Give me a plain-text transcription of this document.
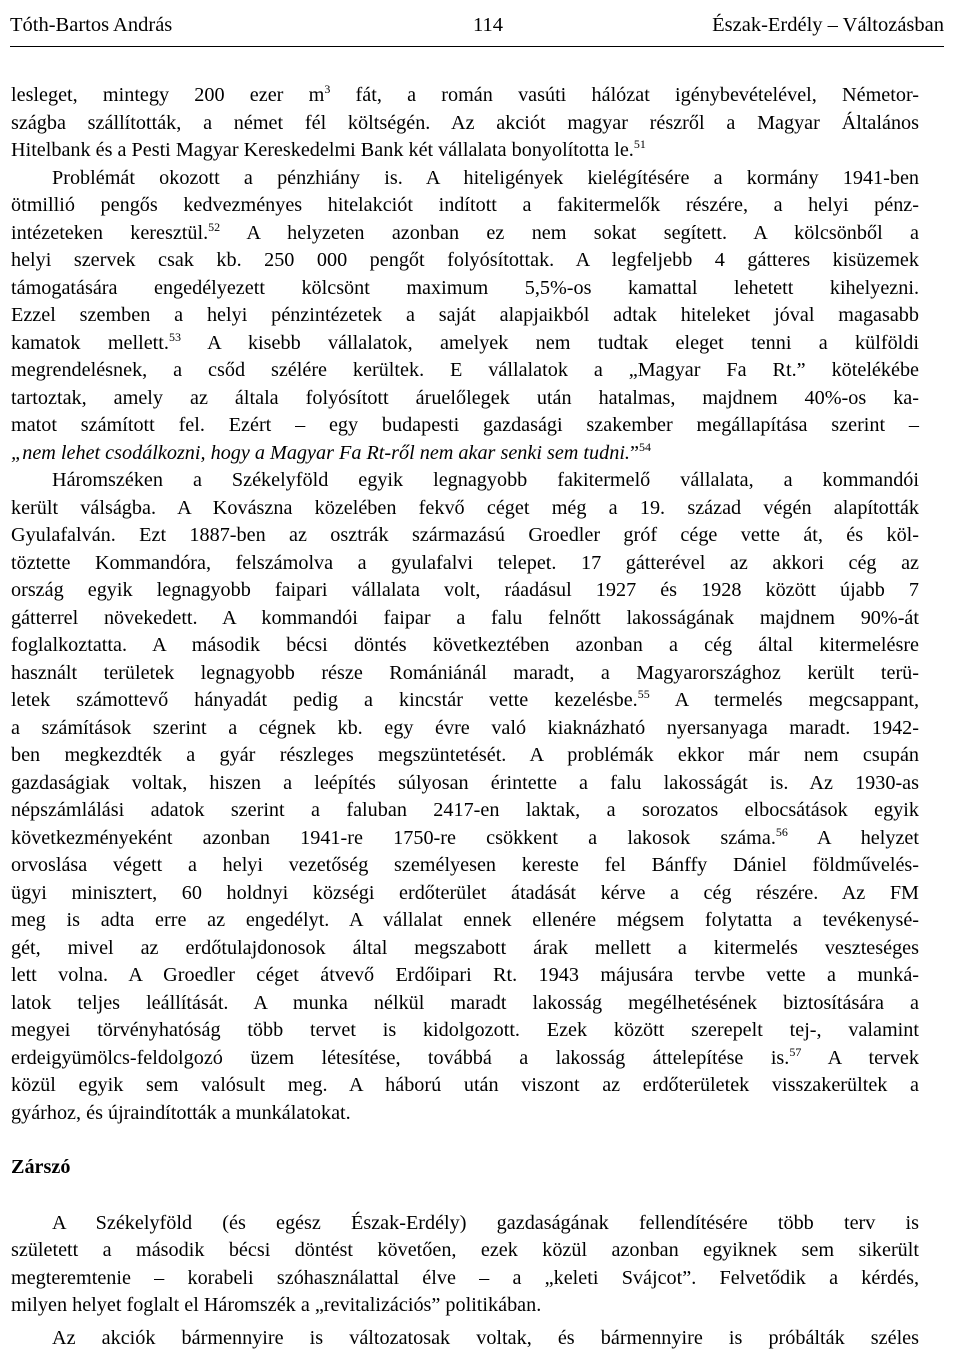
Tóth-Bartos András	114	Észak-Erdély – Változásban
lesleget, mintegy 200 ezer $m^3$ fát, a román vasúti hálózat igénybevételével, Németor-
szágba szállították, a német fél költségén. Az akciót magyar részről a Magyar Általános
Hitelbank és a Pesti Magyar Kereskedelmi Bank két vállalata bonyolította le.$^{51}$
Problémát okozott a pénzhiány is. A hiteligények kielégítésére a kormány 1941-ben
ötmillió pengős kedvezményes hitelakciót indított a fakitermelők részére, a helyi pénz-
intézeteken keresztül.$^{52}$ A helyzeten azonban ez nem sokat segített. A kölcsönből a
helyi szervek csak kb. 250 000 pengőt folyósítottak. A legfeljebb 4 gátteres kisüzemek
támogatására engedélyezett kölcsönt maximum 5,5%-os kamattal lehetett kihelyezni.
Ezzel szemben a helyi pénzintézetek a saját alapjaikból adtak hiteleket jóval magasabb
kamatok mellett.$^{53}$ A kisebb vállalatok, amelyek nem tudtak eleget tenni a külföldi
megrendelésnek, a csőd szélére kerültek. E vállalatok a „Magyar Fa Rt.” kötelékébe
tartoztak, amely az általa folyósított áruelőlegek után hatalmas, majdnem 40%-os ka-
matot számított fel. Ezért – egy budapesti gazdasági szakember megállapítása szerint –
„nem lehet csodálkozni, hogy a Magyar Fa Rt-ről nem akar senki sem tudni.”$^{54}$
Háromszéken a Székelyföld egyik legnagyobb fakitermelő vállalata, a kommandói
került válságba. A Kovászna közelében fekvő céget még a 19. század végén alapították
Gyulafalván. Ezt 1887-ben az osztrák származású Groedler gróf cége vette át, és köl-
töztette Kommandóra, felszámolva a gyulafalvi telepet. 17 gátterével az akkori cég az
ország egyik legnagyobb faipari vállalata volt, ráadásul 1927 és 1928 között újabb 7
gátterrel növekedett. A kommandói faipar a falu felnőtt lakosságának majdnem 90%-át
foglalkoztatta. A második bécsi döntés következtében azonban a cég által kitermelésre
használt területek legnagyobb része Romániánál maradt, a Magyarországhoz került terü-
letek számottevő hányadát pedig a kincstár vette kezelésbe.$^{55}$ A termelés megcsappant,
a számítások szerint a cégnek kb. egy évre való kiaknázható nyersanyaga maradt. 1942-
ben megkezdték a gyár részleges megszüntetését. A problémák ekkor már nem csupán
gazdaságiak voltak, hiszen a leépítés súlyosan érintette a falu lakosságát is. Az 1930-as
népszámlálási adatok szerint a faluban 2417-en laktak, a sorozatos elbocsátások egyik
következményeként azonban 1941-re 1750-re csökkent a lakosok száma.$^{56}$ A helyzet
orvoslása végett a helyi vezetőség személyesen kereste fel Bánffy Dániel földművelés-
ügyi minisztert, 60 holdnyi községi erdőterület átadását kérve a cég részére. Az FM
meg is adta erre az engedélyt. A vállalat ennek ellenére mégsem folytatta a tevékenysé-
gét, mivel az erdőtulajdonosok által megszabott árak mellett a kitermelés veszteséges
lett volna. A Groedler céget átvevő Erdőipari Rt. 1943 májusára tervbe vette a munká-
latok teljes leállítását. A munka nélkül maradt lakosság megélhetésének biztosítására a
megyei törvényhatóság több tervet is kidolgozott. Ezek között szerepelt tej-, valamint
erdeigyümölcs-feldolgozó üzem létesítése, továbbá a lakosság áttelepítése is.$^{57}$ A tervek
közül egyik sem valósult meg. A háború után viszont az erdőterületek visszakerültek a
gyárhoz, és újraindították a munkálatokat.
Zárszó
A Székelyföld (és egész Észak-Erdély) gazdaságának fellendítésére több terv is
született a második bécsi döntést követően, ezek közül azonban egyiknek sem sikerült
megteremtenie – korabeli szóhasználattal élve – a „keleti Svájcot”. Felvetődik a kérdés,
milyen helyet foglalt el Háromszék a „revitalizációs” politikában.
Az akciók bármennyire is változatosak voltak, és bármennyire is próbálták széles
